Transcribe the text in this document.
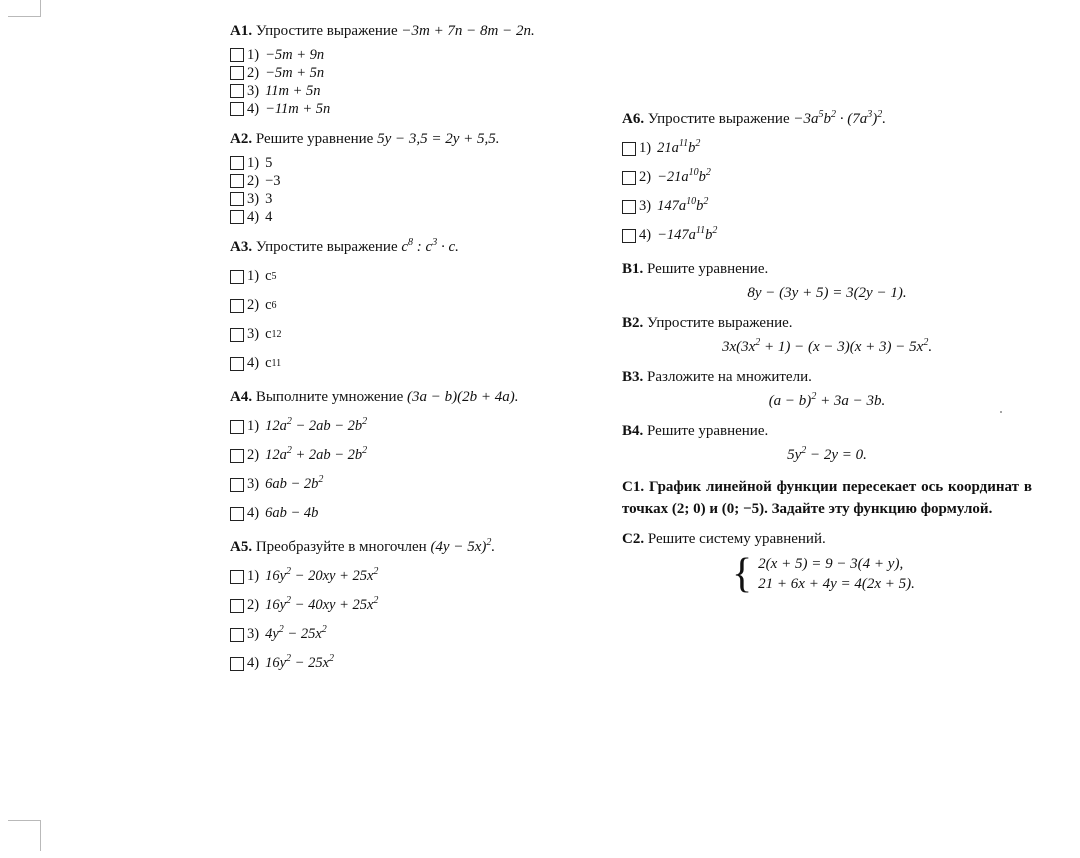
A1. Упростите выражение −3m + 7n − 8m − 2n.
1) −5m + 9n
2) −5m + 5n
3) 11m + 5n
4) −11m + 5n
A2. Решите уравнение 5y − 3,5 = 2y + 5,5.
1) 5
2) −3
3) 3
4) 4
A3. Упростите выражение $c^8$ : $c^3 \cdot c$.
1) c 5
2) c 6
3) c 12
4) c 11
A4. Выполните умножение (3a − b)(2b + 4a).
1) $12a^2 - 2ab - 2b^2$
2) $12a^2 + 2ab - 2b^2$
3) $6ab - 2b^2$
4) 6ab − 4b
A5. Преобразуйте в многочлен $(4y - 5x)^2$.
1) $16y^2 - 20xy + 25x^2$
2) $16y^2 - 40xy + 25x^2$
3) $4y^2 - 25x^2$
4) $16y^2 - 25x^2$
A6. Упростите выражение $-3a^5b^2 \cdot (7a^3)^2$.
1) $21a^{11}b^2$
$2) -21a^{10}b^2$
3) $147a^{10}b^2$
$4) -147a^{11}b^2$
B1. Решите уравнение.
8y − (3y + 5) = 3(2y − 1).
B2. Упростите выражение.
$3x(3x^2 + 1) - (x - 3)(x + 3) - 5x^2$.
B3. Разложите на множители.
$(a - b)^2 + 3a - 3b$.
B4. Решите уравнение.
$5y^2 - 2y = 0$.
C1. График линейной функции пересекает ось координат в точках (2; 0) и (0; −5). Задайте эту функцию формулой.
C2. Решите систему уравнений.
{ 2(x + 5) = 9 − 3(4 + y),
21 + 6x + 4y = 4(2x + 5).
